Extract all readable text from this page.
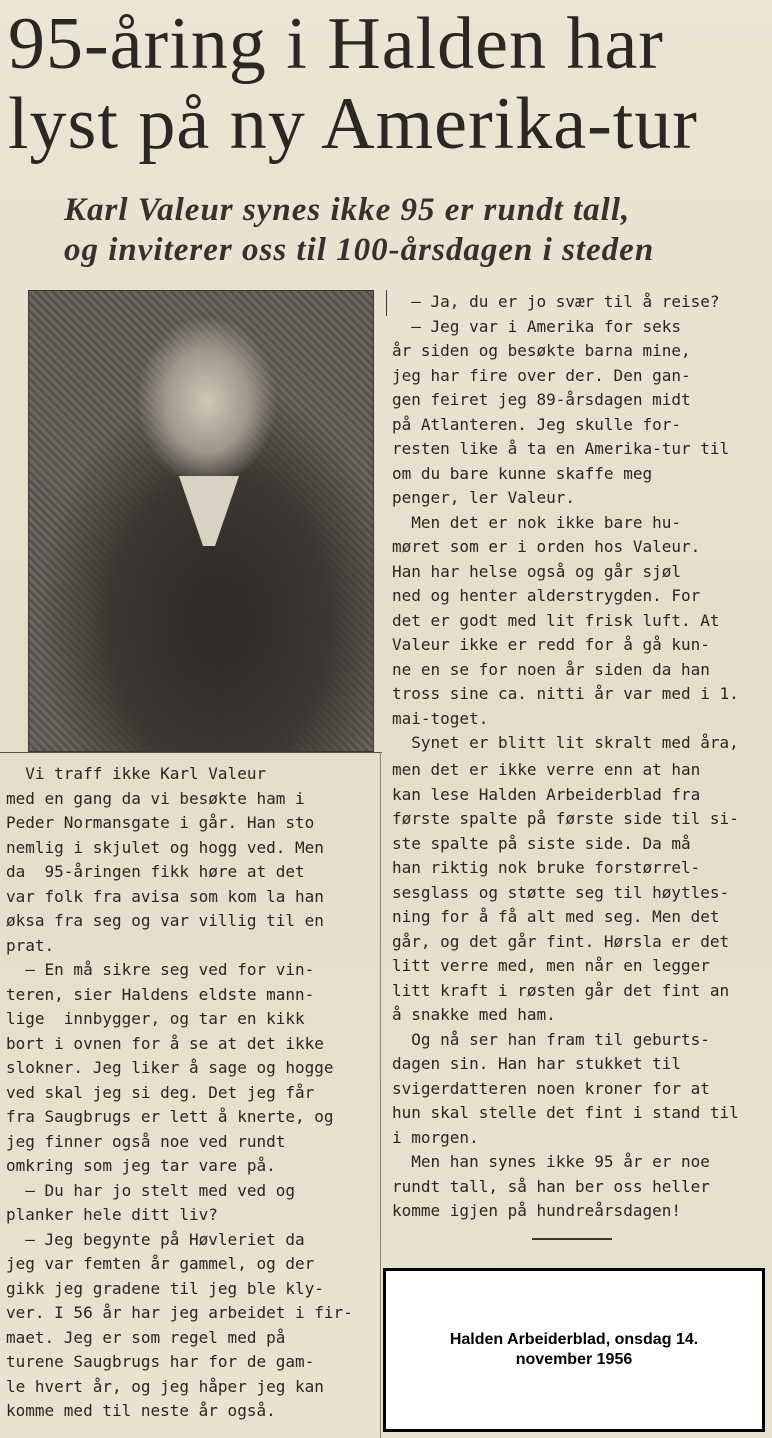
95-åring i Halden har
lyst på ny Amerika-tur
Karl Valeur synes ikke 95 er rundt tall,
og inviterer oss til 100-årsdagen i steden

— Ja, du er jo svær til å reise?

— Jeg var i Amerika for seks

år siden og besøkte barna mine,

jeg har fire over der. Den gan-

gen feiret jeg 89-årsdagen midt

på Atlanteren. Jeg skulle for-

resten like å ta en Amerika-tur til

om du bare kunne skaffe meg

penger, ler Valeur.

Men det er nok ikke bare hu-

møret som er i orden hos Valeur.

Han har helse også og går sjøl

ned og henter alderstrygden. For

det er godt med lit frisk luft. At

Valeur ikke er redd for å gå kun-

ne en se for noen år siden da han

tross sine ca. nitti år var med i 1.

mai-toget.

Synet er blitt lit skralt med åra,

Vi traff ikke Karl Valeur

med en gang da vi besøkte ham i

Peder Normansgate i går. Han sto

nemlig i skjulet og hogg ved. Men

da  95-åringen fikk høre at det

var folk fra avisa som kom la han

øksa fra seg og var villig til en

prat.

— En må sikre seg ved for vin-

teren, sier Haldens eldste mann-

lige  innbygger, og tar en kikk

bort i ovnen for å se at det ikke

slokner. Jeg liker å sage og hogge

ved skal jeg si deg. Det jeg får

fra Saugbrugs er lett å knerte, og

jeg finner også noe ved rundt

omkring som jeg tar vare på.

— Du har jo stelt med ved og

planker hele ditt liv?

— Jeg begynte på Høvleriet da

jeg var femten år gammel, og der

gikk jeg gradene til jeg ble kly-

ver. I 56 år har jeg arbeidet i fir-

maet. Jeg er som regel med på

turene Saugbrugs har for de gam-

le hvert år, og jeg håper jeg kan

komme med til neste år også.

men det er ikke verre enn at han

kan lese Halden Arbeiderblad fra

første spalte på første side til si-

ste spalte på siste side. Da må

han riktig nok bruke forstørrel-

sesglass og støtte seg til høytles-

ning for å få alt med seg. Men det

går, og det går fint. Hørsla er det

litt verre med, men når en legger

litt kraft i røsten går det fint an

å snakke med ham.

Og nå ser han fram til geburts-

dagen sin. Han har stukket til

svigerdatteren noen kroner for at

hun skal stelle det fint i stand til

i morgen.

Men han synes ikke 95 år er noe

rundt tall, så han ber oss heller

komme igjen på hundreårsdagen!

Halden Arbeiderblad, onsdag 14. november 1956
